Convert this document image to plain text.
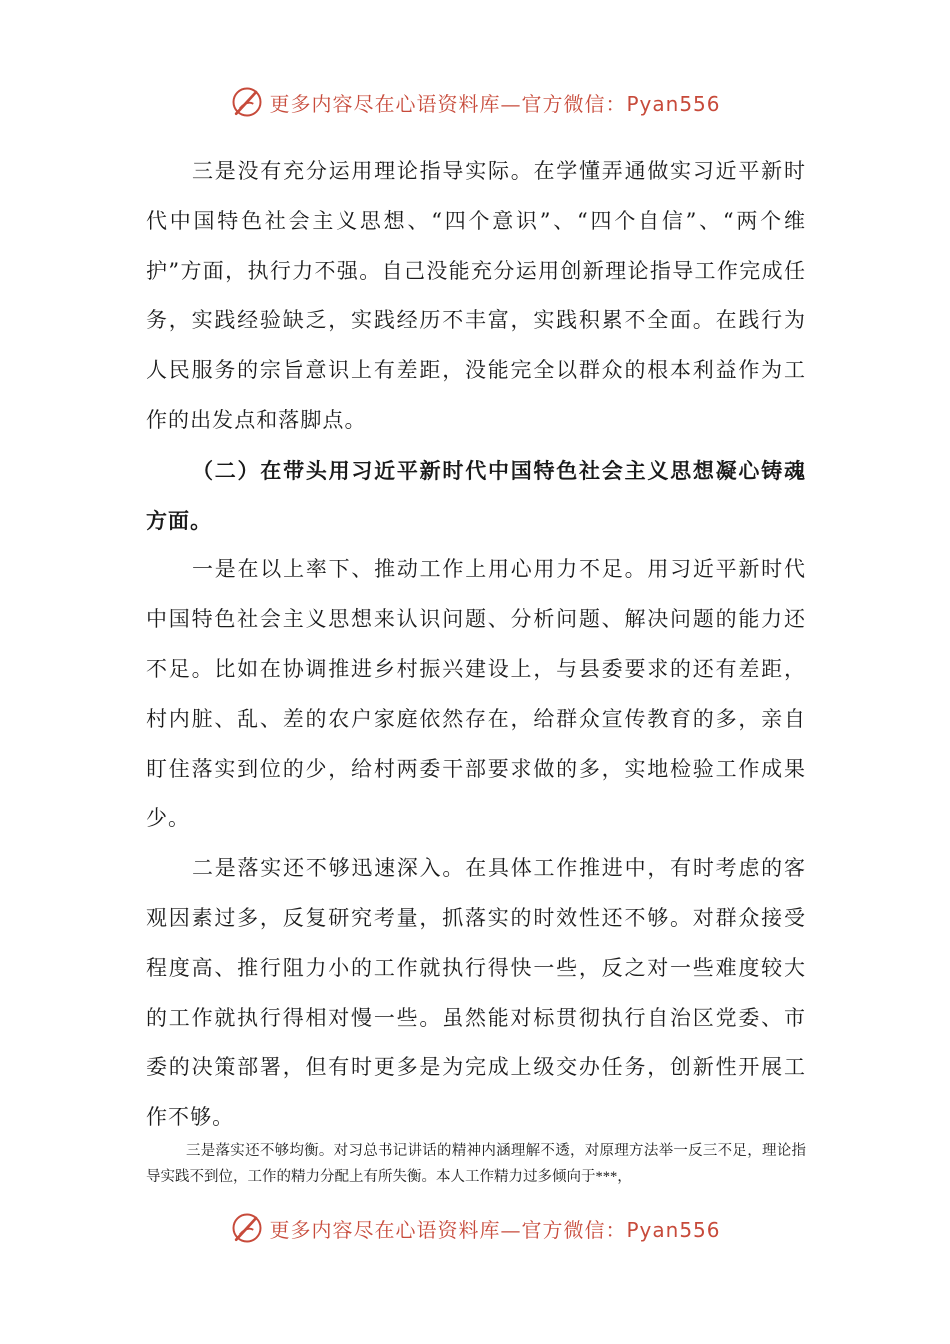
更多内容尽在心语资料库—官方微信：Pyan556

三是没有充分运用理论指导实际。在学懂弄通做实习近平新时代中国特色社会主义思想、“四个意识”、“四个自信”、“两个维护”方面，执行力不强。自己没能充分运用创新理论指导工作完成任务，实践经验缺乏，实践经历不丰富，实践积累不全面。在践行为人民服务的宗旨意识上有差距，没能完全以群众的根本利益作为工作的出发点和落脚点。

（二）在带头用习近平新时代中国特色社会主义思想凝心铸魂方面。

一是在以上率下、推动工作上用心用力不足。用习近平新时代中国特色社会主义思想来认识问题、分析问题、解决问题的能力还不足。比如在协调推进乡村振兴建设上，与县委要求的还有差距，村内脏、乱、差的农户家庭依然存在，给群众宣传教育的多，亲自盯住落实到位的少，给村两委干部要求做的多，实地检验工作成果少。

二是落实还不够迅速深入。在具体工作推进中，有时考虑的客观因素过多，反复研究考量，抓落实的时效性还不够。对群众接受程度高、推行阻力小的工作就执行得快一些，反之对一些难度较大的工作就执行得相对慢一些。虽然能对标贯彻执行自治区党委、市委的决策部署，但有时更多是为完成上级交办任务，创新性开展工作不够。

三是落实还不够均衡。对习总书记讲话的精神内涵理解不透，对原理方法举一反三不足，理论指导实践不到位，工作的精力分配上有所失衡。本人工作精力过多倾向于***，

更多内容尽在心语资料库—官方微信：Pyan556
